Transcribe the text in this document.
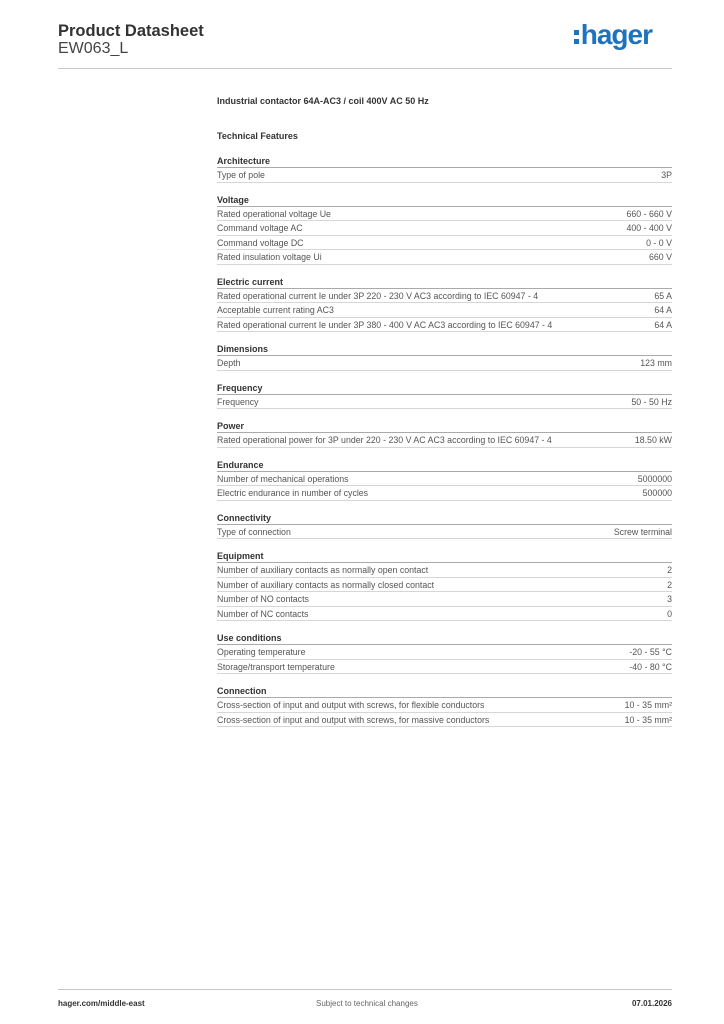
Product Datasheet
EW063_L	hager
Industrial contactor 64A-AC3 / coil 400V AC 50 Hz
Technical Features
Architecture
Type of pole	3P
Voltage
Rated operational voltage Ue	660 - 660 V
Command voltage AC	400 - 400 V
Command voltage DC	0 - 0 V
Rated insulation voltage Ui	660 V
Electric current
Rated operational current Ie under 3P 220 - 230 V AC3 according to IEC 60947 - 4	65 A
Acceptable current rating AC3	64 A
Rated operational current Ie under 3P 380 - 400 V AC AC3 according to IEC 60947 - 4	64 A
Dimensions
Depth	123 mm
Frequency
Frequency	50 - 50 Hz
Power
Rated operational power for 3P under 220 - 230 V AC AC3 according to IEC 60947 - 4	18.50 kW
Endurance
Number of mechanical operations	5000000
Electric endurance in number of cycles	500000
Connectivity
Type of connection	Screw terminal
Equipment
Number of auxiliary contacts as normally open contact	2
Number of auxiliary contacts as normally closed contact	2
Number of NO contacts	3
Number of NC contacts	0
Use conditions
Operating temperature	-20 - 55 °C
Storage/transport temperature	-40 - 80 °C
Connection
Cross-section of input and output with screws, for flexible conductors	10 - 35 mm²
Cross-section of input and output with screws, for massive conductors	10 - 35 mm²
hager.com/middle-east	Subject to technical changes	07.01.2026
